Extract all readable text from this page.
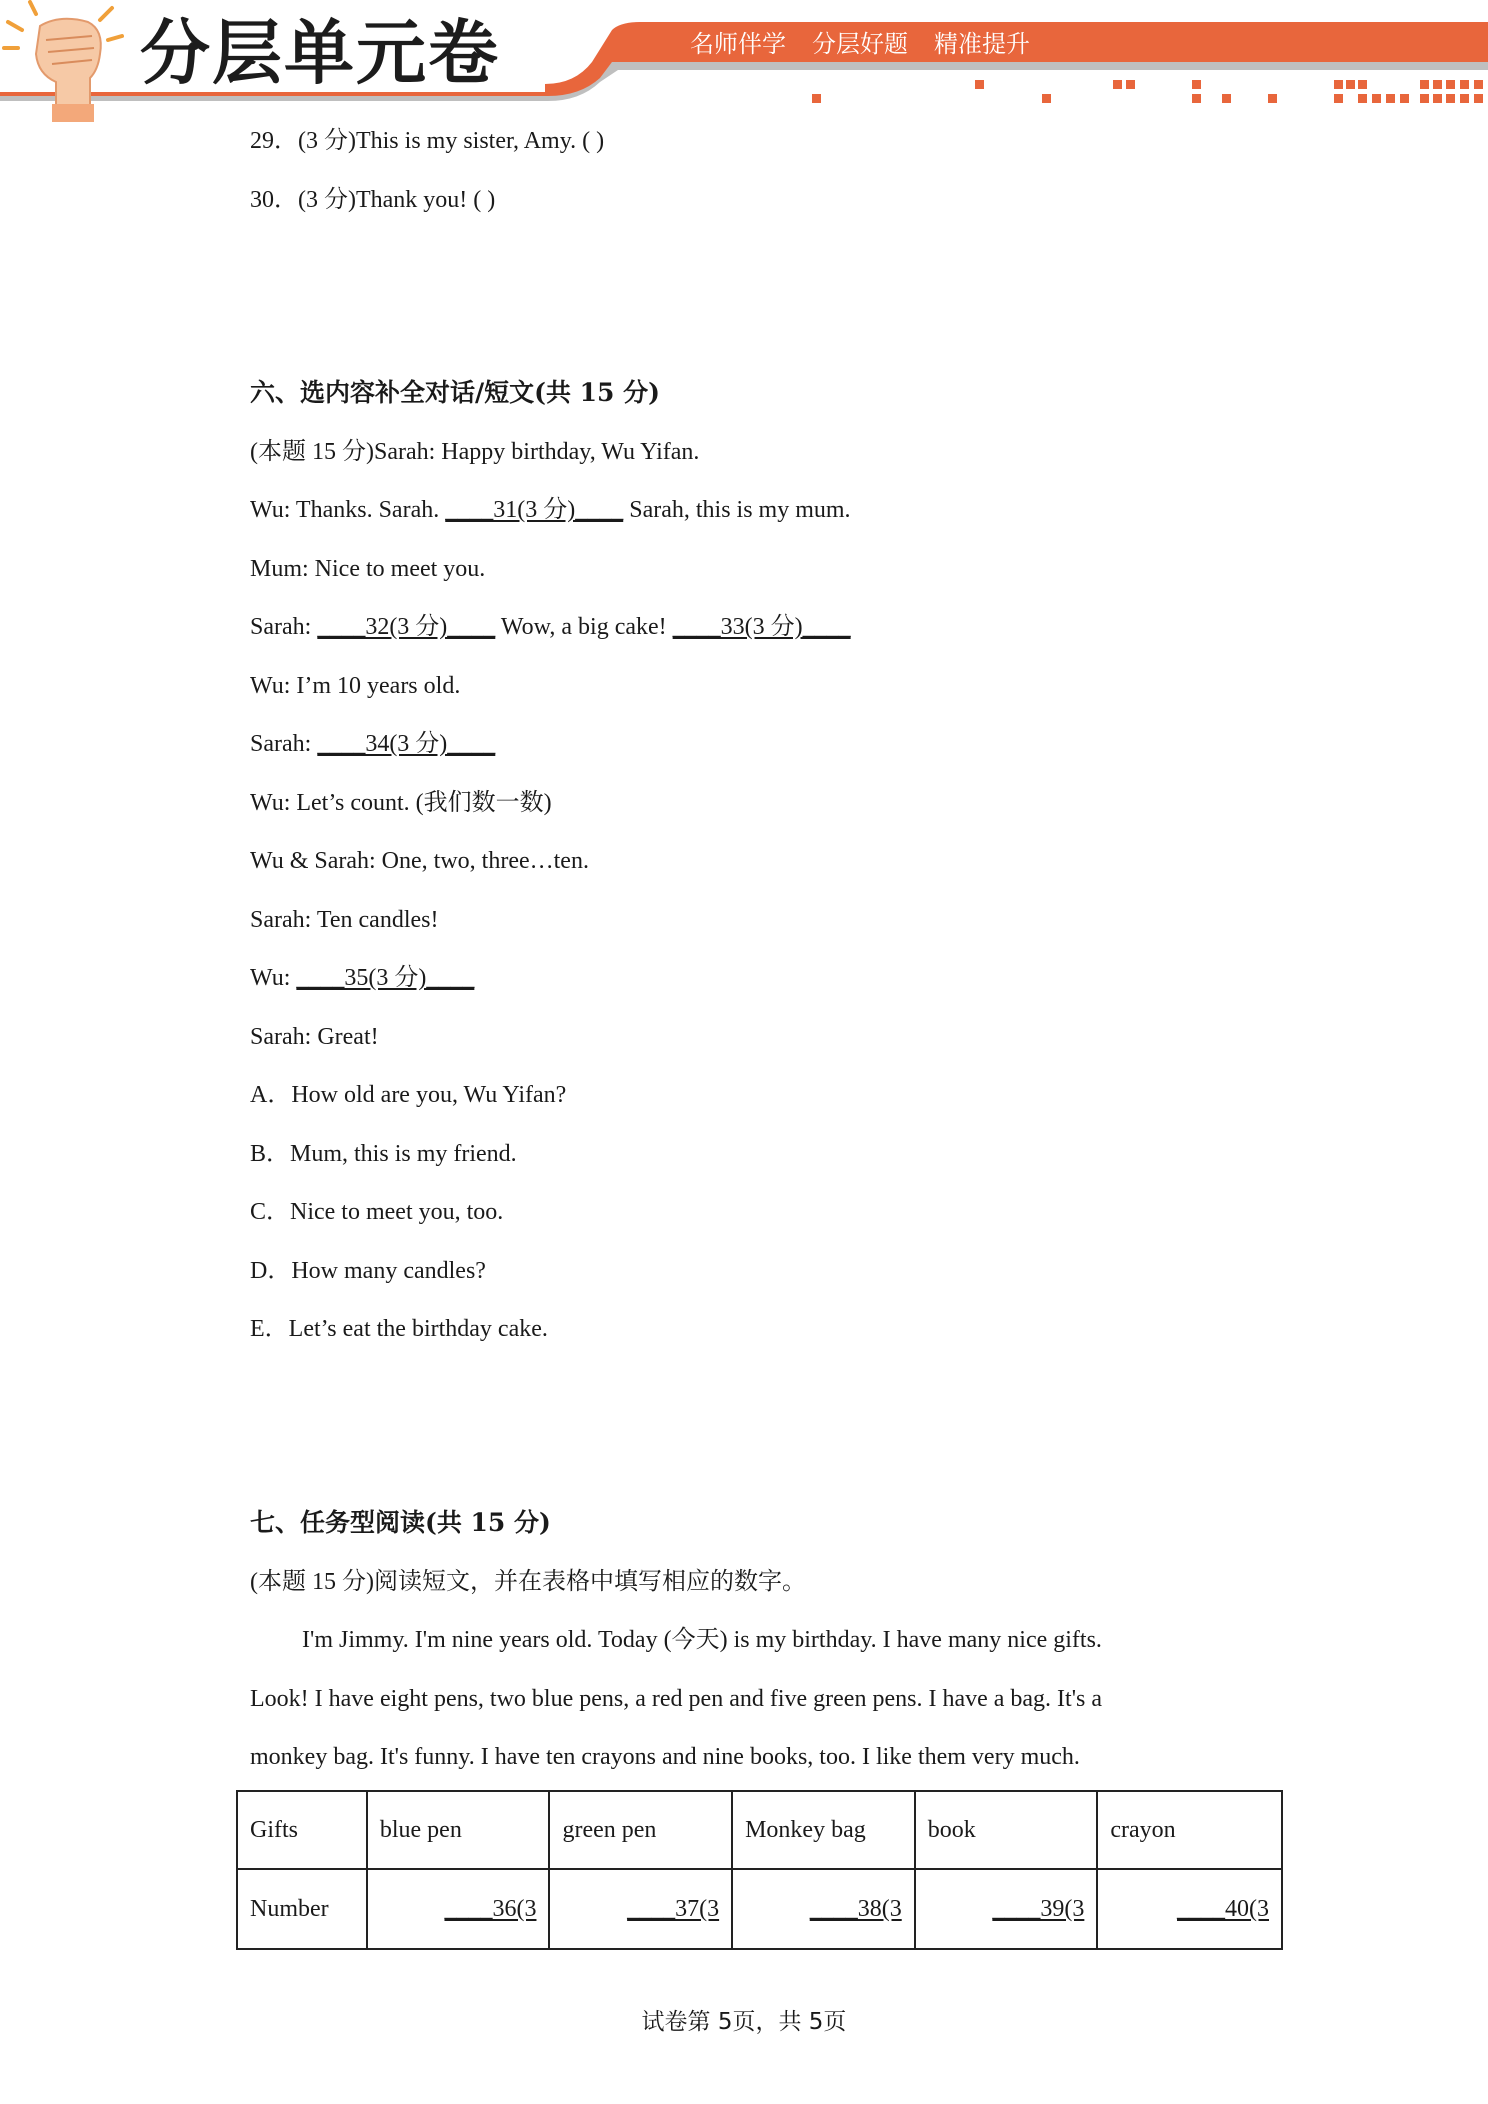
分层单元卷	名师伴学 分层好题 精准提升
29．(3 分)This is my sister, Amy. ( )
30．(3 分)Thank you! ( )
六、选内容补全对话/短文(共 15 分)
(本题 15 分)Sarah: Happy birthday, Wu Yifan.
Wu: Thanks. Sarah. ____31(3 分)____ Sarah, this is my mum.
Mum: Nice to meet you.
Sarah: ____32(3 分)____ Wow, a big cake! ____33(3 分)____
Wu: I’m 10 years old.
Sarah: ____34(3 分)____
Wu: Let’s count. (我们数一数)
Wu & Sarah: One, two, three…ten.
Sarah: Ten candles!
Wu: ____35(3 分)____
Sarah: Great!
A．How old are you, Wu Yifan?
B．Mum, this is my friend.
C．Nice to meet you, too.
D．How many candles?
E．Let’s eat the birthday cake.
七、任务型阅读(共 15 分)
(本题 15 分)阅读短文，并在表格中填写相应的数字。
I'm Jimmy. I'm nine years old. Today (今天) is my birthday. I have many nice gifts.
Look! I have eight pens, two blue pens, a red pen and five green pens. I have a bag. It's a
monkey bag. It's funny. I have ten crayons and nine books, too. I like them very much.
Gifts	blue pen	green pen	Monkey bag	book	crayon
Number	____36(3	____37(3	____38(3	____39(3	____40(3
试卷第 5页，共 5页
